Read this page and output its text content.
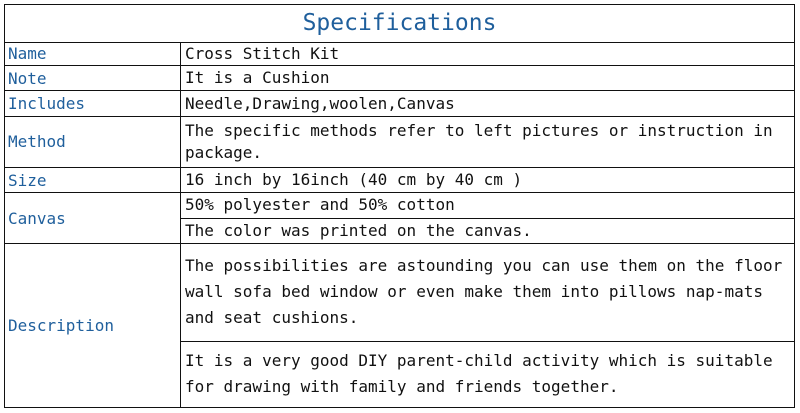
Specifications	
Name	Cross Stitch Kit
Note	It is a Cushion
Includes	Needle,Drawing,woolen,Canvas
Method	The specific methods refer to left pictures or instruction in package.
Size	16 inch by 16inch (40 cm by 40 cm )
Canvas	50% polyester and 50% cotton
	The color was printed on the canvas.
Description	The possibilities are astounding you can use them on the floor wall sofa bed window or even make them into pillows nap-mats and seat cushions.
	It is a very good DIY parent-child activity which is suitable for drawing with family and friends together.
